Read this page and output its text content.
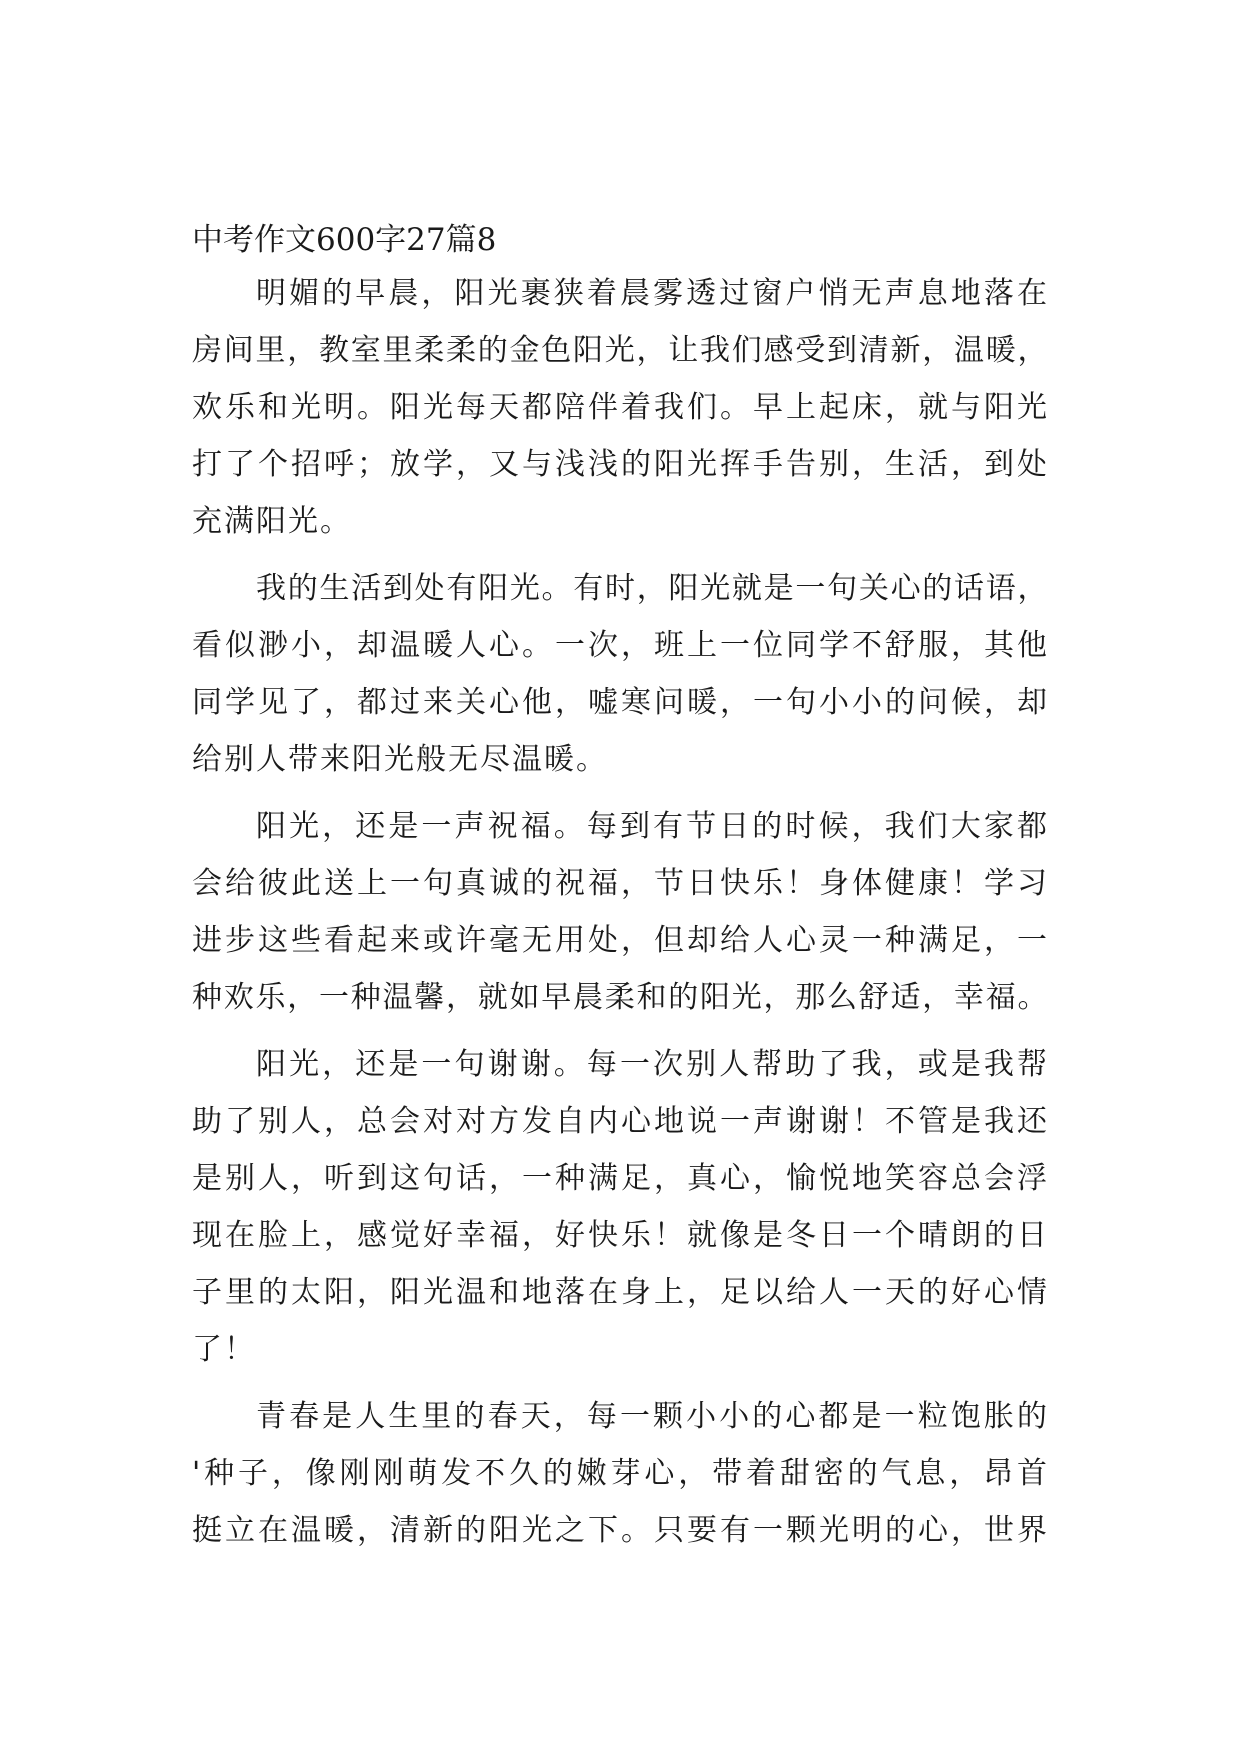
中考作文600字27篇8
明媚的早晨，阳光裹狭着晨雾透过窗户悄无声息地落在
房间里，教室里柔柔的金色阳光，让我们感受到清新，温暖，
欢乐和光明。阳光每天都陪伴着我们。早上起床，就与阳光
打了个招呼；放学，又与浅浅的阳光挥手告别，生活，到处
充满阳光。
我的生活到处有阳光。有时，阳光就是一句关心的话语，
看似渺小，却温暖人心。一次，班上一位同学不舒服，其他
同学见了，都过来关心他，嘘寒问暖，一句小小的问候，却
给别人带来阳光般无尽温暖。
阳光，还是一声祝福。每到有节日的时候，我们大家都
会给彼此送上一句真诚的祝福，节日快乐！身体健康！学习
进步这些看起来或许毫无用处，但却给人心灵一种满足，一
种欢乐，一种温馨，就如早晨柔和的阳光，那么舒适，幸福。
阳光，还是一句谢谢。每一次别人帮助了我，或是我帮
助了别人，总会对对方发自内心地说一声谢谢！不管是我还
是别人，听到这句话，一种满足，真心，愉悦地笑容总会浮
现在脸上，感觉好幸福，好快乐！就像是冬日一个晴朗的日
子里的太阳，阳光温和地落在身上，足以给人一天的好心情
了！
青春是人生里的春天，每一颗小小的心都是一粒饱胀的
'种子，像刚刚萌发不久的嫩芽心，带着甜密的气息，昂首
挺立在温暖，清新的阳光之下。只要有一颗光明的心，世界
